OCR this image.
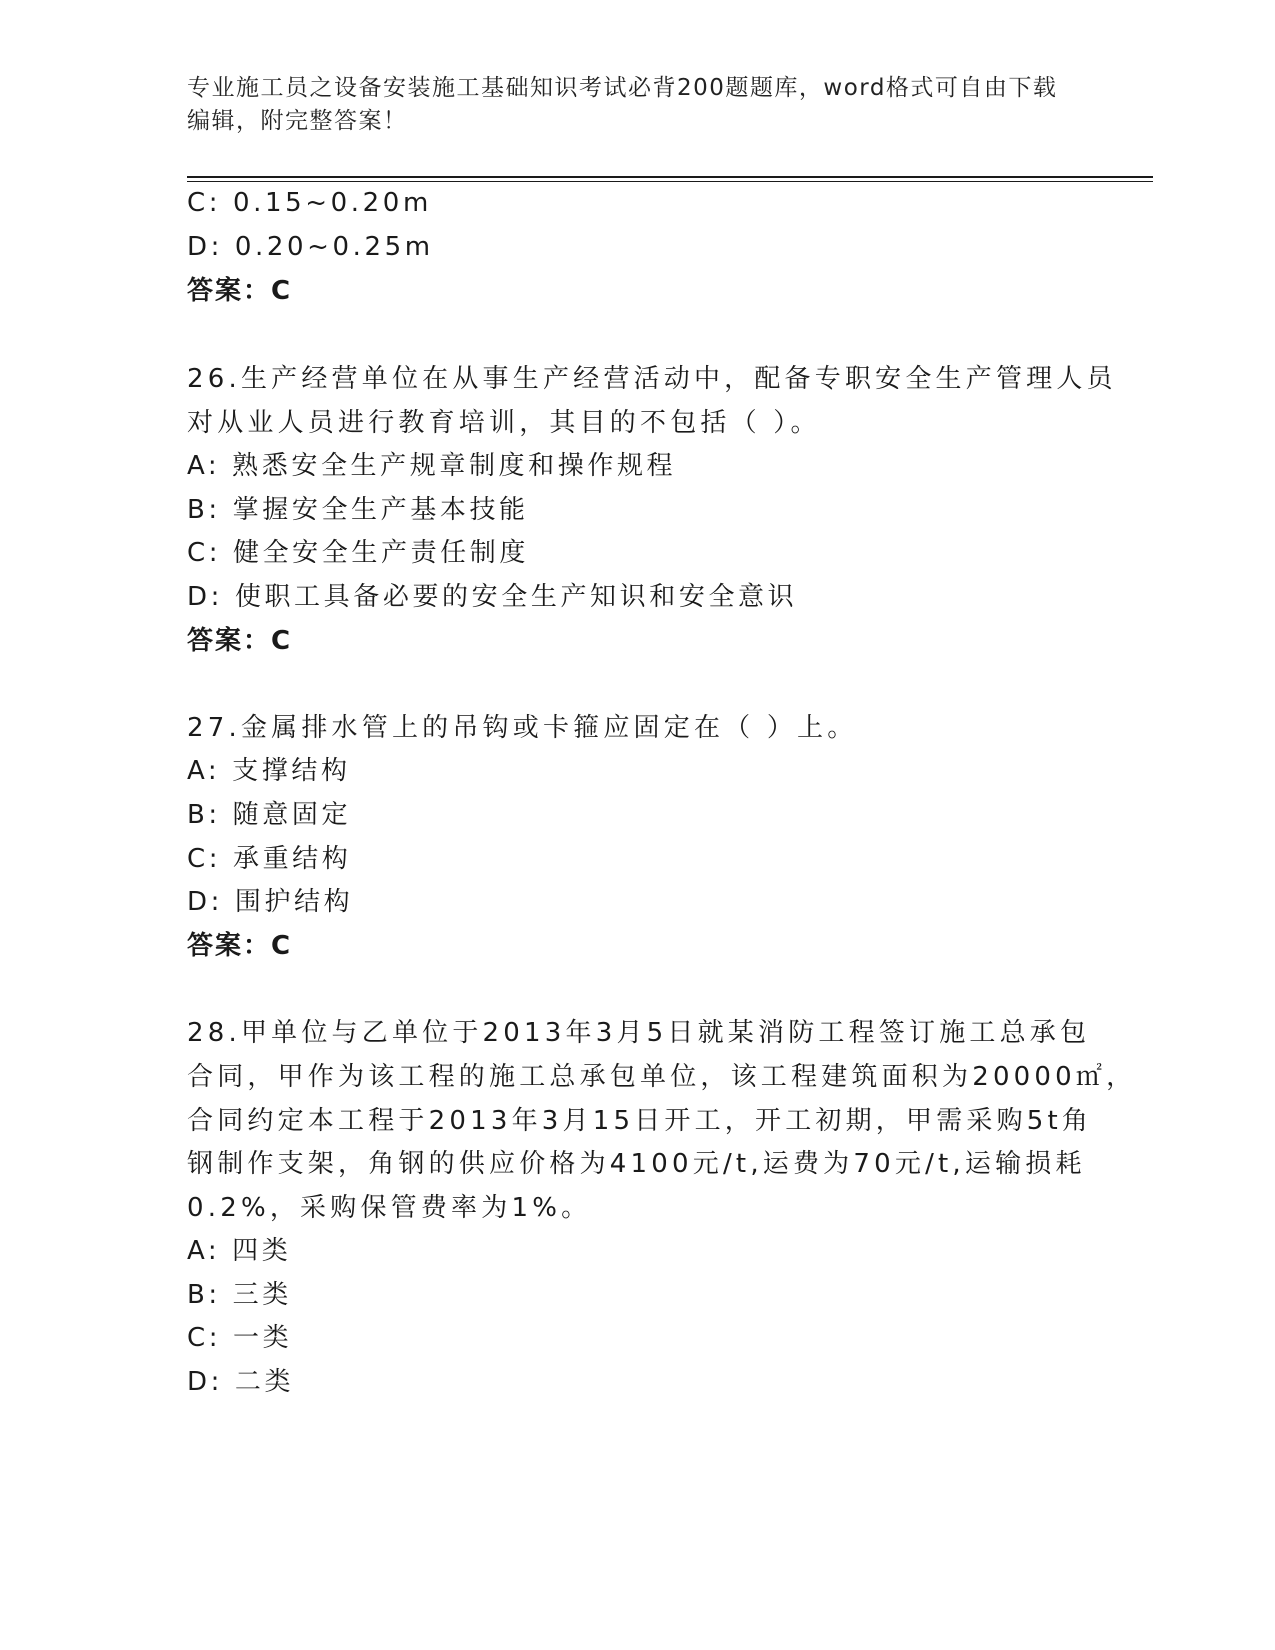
专业施工员之设备安装施工基础知识考试必背200题题库，word格式可自由下载
编辑，附完整答案！
C: 0.15~0.20m
D: 0.20~0.25m
答案：C
26.生产经营单位在从事生产经营活动中，配备专职安全生产管理人员
对从业人员进行教育培训，其目的不包括（ ）。
A: 熟悉安全生产规章制度和操作规程
B: 掌握安全生产基本技能
C: 健全安全生产责任制度
D: 使职工具备必要的安全生产知识和安全意识
答案：C
27.金属排水管上的吊钩或卡箍应固定在（ ）上。
A: 支撑结构
B: 随意固定
C: 承重结构
D: 围护结构
答案：C
28.甲单位与乙单位于2013年3月5日就某消防工程签订施工总承包
合同，甲作为该工程的施工总承包单位，该工程建筑面积为20000㎡，
合同约定本工程于2013年3月15日开工，开工初期，甲需采购5t角
钢制作支架，角钢的供应价格为4100元/t,运费为70元/t,运输损耗
0.2%，采购保管费率为1%。
A: 四类
B: 三类
C: 一类
D: 二类
